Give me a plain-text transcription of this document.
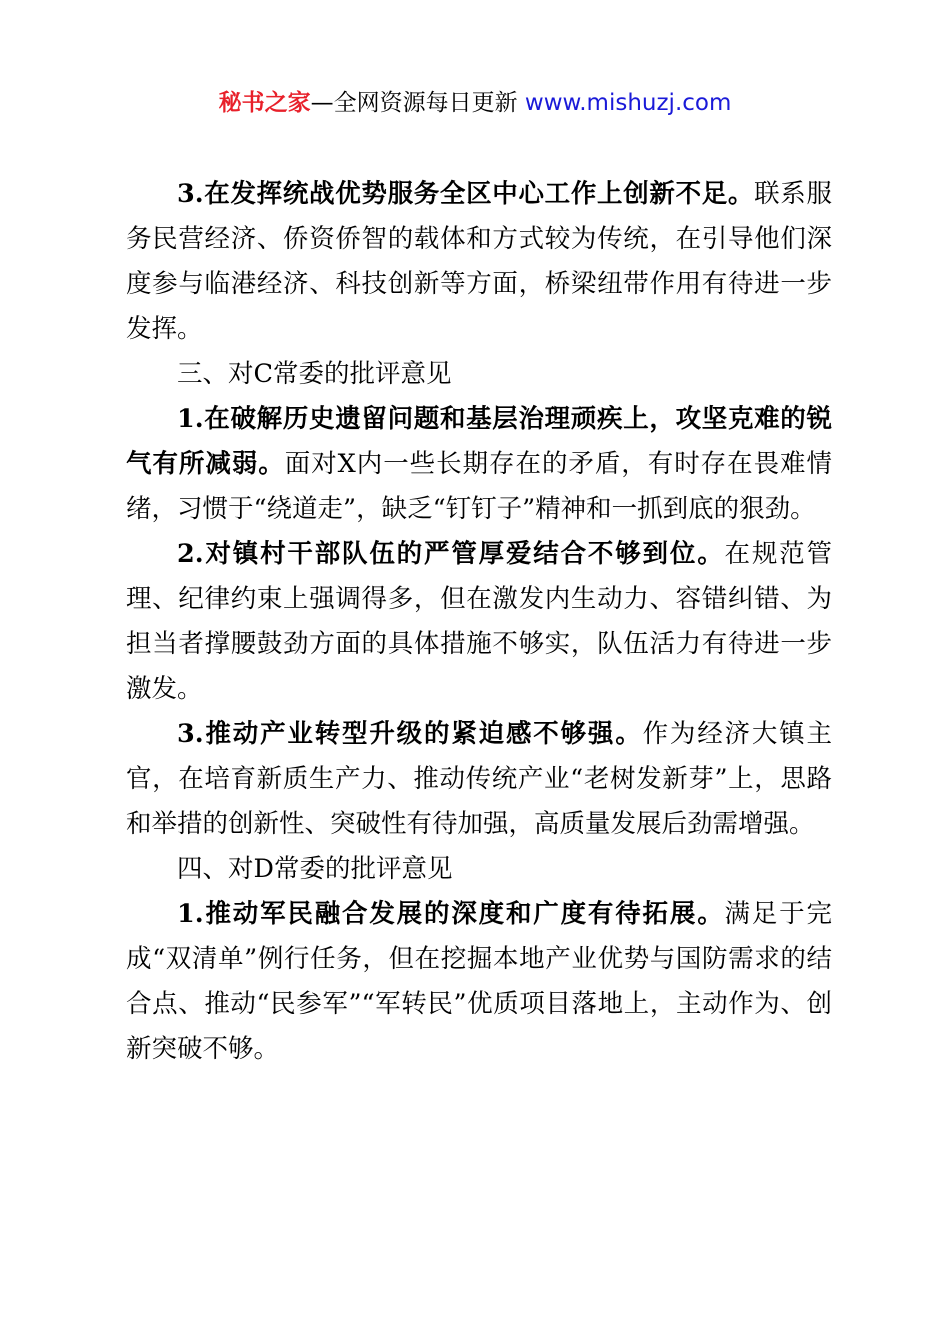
秘书之家—全网资源每日更新 www.mishuzj.com

3.在发挥统战优势服务全区中心工作上创新不足。联系服务民营经济、侨资侨智的载体和方式较为传统，在引导他们深度参与临港经济、科技创新等方面，桥梁纽带作用有待进一步发挥。

三、对C常委的批评意见

1.在破解历史遗留问题和基层治理顽疾上，攻坚克难的锐气有所减弱。面对X内一些长期存在的矛盾，有时存在畏难情绪，习惯于“绕道走”，缺乏“钉钉子”精神和一抓到底的狠劲。

2.对镇村干部队伍的严管厚爱结合不够到位。在规范管理、纪律约束上强调得多，但在激发内生动力、容错纠错、为担当者撑腰鼓劲方面的具体措施不够实，队伍活力有待进一步激发。

3.推动产业转型升级的紧迫感不够强。作为经济大镇主官，在培育新质生产力、推动传统产业“老树发新芽”上，思路和举措的创新性、突破性有待加强，高质量发展后劲需增强。

四、对D常委的批评意见

1.推动军民融合发展的深度和广度有待拓展。满足于完成“双清单”例行任务，但在挖掘本地产业优势与国防需求的结合点、推动“民参军”“军转民”优质项目落地上，主动作为、创新突破不够。
